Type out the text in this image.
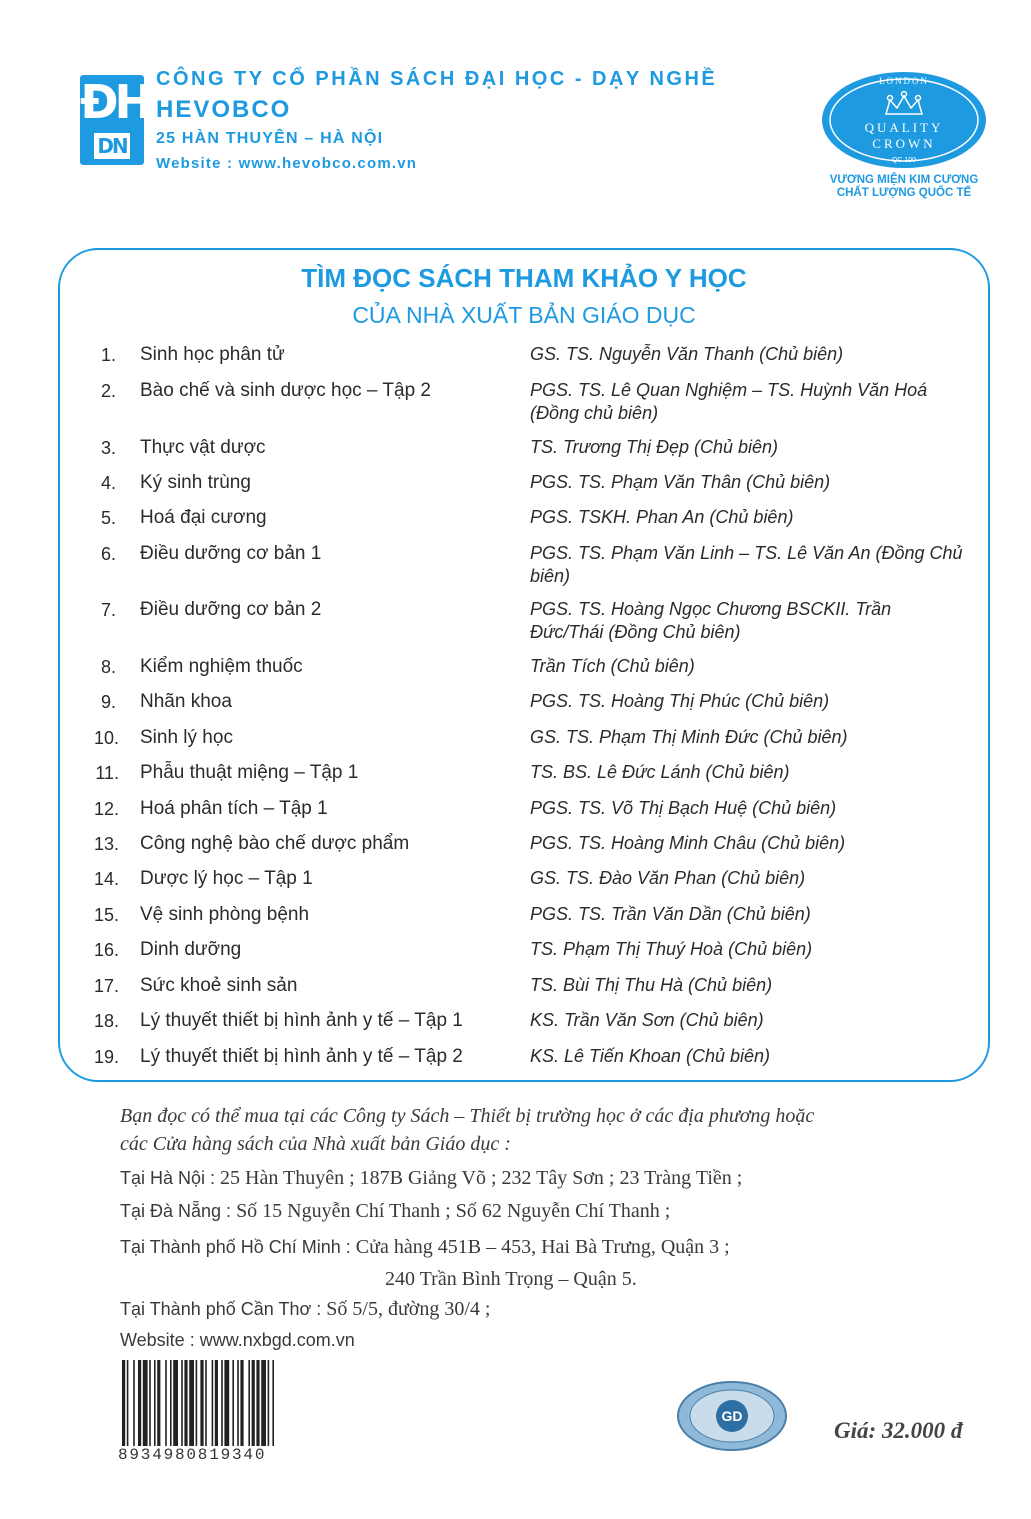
ĐH
DN
CÔNG TY CỔ PHẦN SÁCH ĐẠI HỌC - DẠY NGHỀ
HEVOBCO
25 HÀN THUYÊN – HÀ NỘI
Website : www.hevobco.com.vn
LONDON
QUALITY
CROWN
QC 100
VƯƠNG MIỆN KIM CƯƠNG
CHẤT LƯỢNG QUỐC TẾ
TÌM ĐỌC SÁCH THAM KHẢO Y HỌC
CỦA NHÀ XUẤT BẢN GIÁO DỤC
1. Sinh học phân tử	GS. TS. Nguyễn Văn Thanh (Chủ biên)
2. Bào chế và sinh dược học – Tập 2	PGS. TS. Lê Quan Nghiệm – TS. Huỳnh Văn Hoá (Đồng chủ biên)
3. Thực vật dược	TS. Trương Thị Đẹp (Chủ biên)
4. Ký sinh trùng	PGS. TS. Phạm Văn Thân (Chủ biên)
5. Hoá đại cương	PGS. TSKH. Phan An (Chủ biên)
6. Điều dưỡng cơ bản 1	PGS. TS. Phạm Văn Linh – TS. Lê Văn An (Đồng Chủ biên)
7. Điều dưỡng cơ bản 2	PGS. TS. Hoàng Ngọc Chương BSCKII. Trần Đức/Thái (Đồng Chủ biên)
8. Kiểm nghiệm thuốc	Trần Tích (Chủ biên)
9. Nhãn khoa	PGS. TS. Hoàng Thị Phúc (Chủ biên)
10. Sinh lý học	GS. TS. Phạm Thị Minh Đức (Chủ biên)
11. Phẫu thuật miệng – Tập 1	TS. BS. Lê Đức Lánh (Chủ biên)
12. Hoá phân tích – Tập 1	PGS. TS. Võ Thị Bạch Huệ (Chủ biên)
13. Công nghệ bào chế dược phẩm	PGS. TS. Hoàng Minh Châu (Chủ biên)
14. Dược lý học – Tập 1	GS. TS. Đào Văn Phan (Chủ biên)
15. Vệ sinh phòng bệnh	PGS. TS. Trần Văn Dần (Chủ biên)
16. Dinh dưỡng	TS. Phạm Thị Thuý Hoà (Chủ biên)
17. Sức khoẻ sinh sản	TS. Bùi Thị Thu Hà (Chủ biên)
18. Lý thuyết thiết bị hình ảnh y tế – Tập 1	KS. Trần Văn Sơn (Chủ biên)
19. Lý thuyết thiết bị hình ảnh y tế – Tập 2	KS. Lê Tiến Khoan (Chủ biên)
Bạn đọc có thể mua tại các Công ty Sách – Thiết bị trường học ở các địa phương hoặc
các Cửa hàng sách của Nhà xuất bản Giáo dục :
Tại Hà Nội : 25 Hàn Thuyên ; 187B Giảng Võ ; 232 Tây Sơn ; 23 Tràng Tiền ;
Tại Đà Nẵng : Số 15 Nguyễn Chí Thanh ; Số 62 Nguyễn Chí Thanh ;
Tại Thành phố Hồ Chí Minh : Cửa hàng 451B – 453, Hai Bà Trưng, Quận 3 ;
240 Trần Bình Trọng – Quận 5.
Tại Thành phố Cần Thơ : Số 5/5, đường 30/4 ;
Website : www.nxbgd.com.vn
8934980819340
GD
Giá: 32.000 đ
